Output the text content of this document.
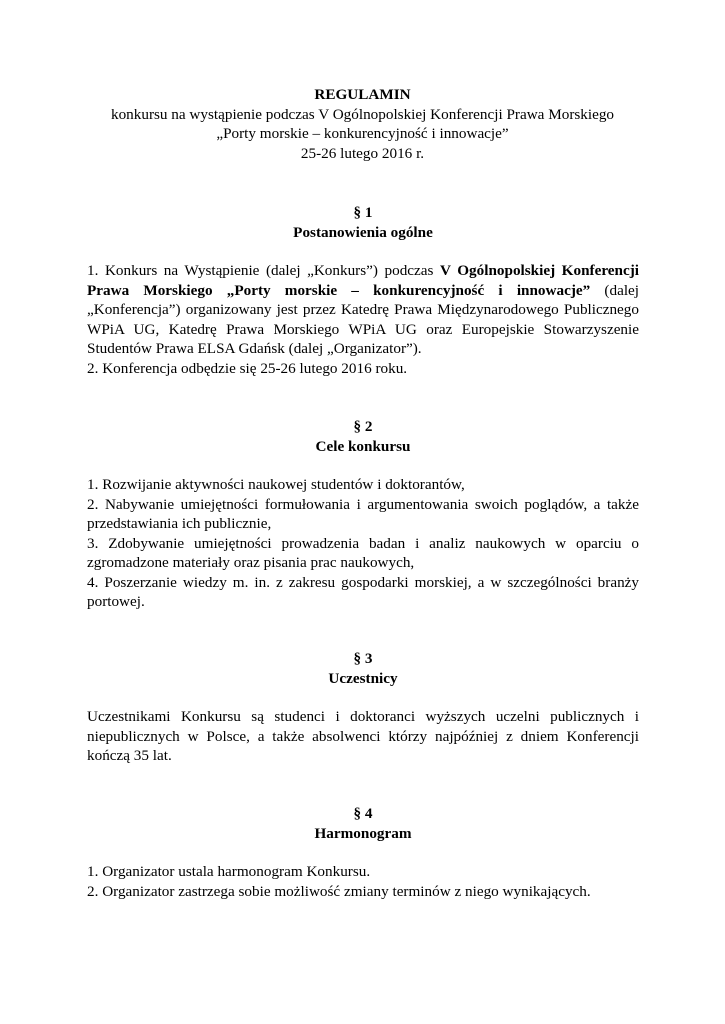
REGULAMIN
konkursu na wystąpienie podczas V Ogólnopolskiej Konferencji Prawa Morskiego
„Porty morskie – konkurencyjność i innowacje”
25-26 lutego 2016 r.
§ 1
Postanowienia ogólne
1. Konkurs na Wystąpienie (dalej „Konkurs”) podczas V Ogólnopolskiej Konferencji Prawa Morskiego „Porty morskie – konkurencyjność i innowacje” (dalej „Konferencja”) organizowany jest przez Katedrę Prawa Międzynarodowego Publicznego WPiA UG, Katedrę Prawa Morskiego WPiA UG oraz Europejskie Stowarzyszenie Studentów Prawa ELSA Gdańsk (dalej „Organizator”).
2. Konferencja odbędzie się 25-26 lutego 2016 roku.
§ 2
Cele konkursu
1. Rozwijanie aktywności naukowej studentów i doktorantów,
2. Nabywanie umiejętności formułowania i argumentowania swoich poglądów, a także przedstawiania ich publicznie,
3. Zdobywanie umiejętności prowadzenia badan i analiz naukowych w oparciu o zgromadzone materiały oraz pisania prac naukowych,
4. Poszerzanie wiedzy m. in. z zakresu gospodarki morskiej, a w szczególności branży portowej.
§ 3
Uczestnicy
Uczestnikami Konkursu są studenci i doktoranci wyższych uczelni publicznych i niepublicznych w Polsce, a także absolwenci którzy najpóźniej z dniem Konferencji kończą 35 lat.
§ 4
Harmonogram
1. Organizator ustala harmonogram Konkursu.
2. Organizator zastrzega sobie możliwość zmiany terminów z niego wynikających.
